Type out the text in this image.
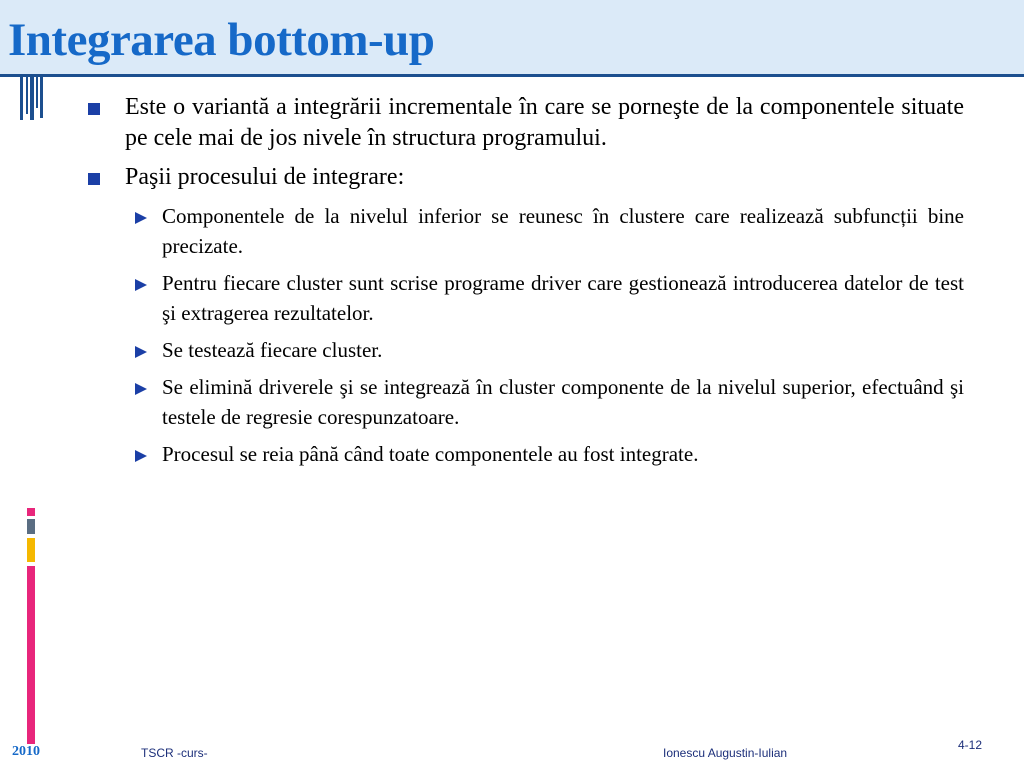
Integrarea bottom-up
Este o variantă a integrării incrementale în care se porneşte de la componentele situate pe cele mai de jos nivele în structura programului.
Paşii procesului de integrare:
Componentele de la nivelul inferior se reunesc în clustere care realizează subfuncții bine precizate.
Pentru fiecare cluster sunt scrise programe driver care gestionează introducerea datelor de test şi extragerea rezultatelor.
Se testează fiecare cluster.
Se elimină driverele şi se integrează în cluster componente de la nivelul superior, efectuând şi testele de regresie corespunzatoare.
Procesul se reia până când toate componentele au fost integrate.
2010	TSCR -curs-	Ionescu Augustin-Iulian
4-12
